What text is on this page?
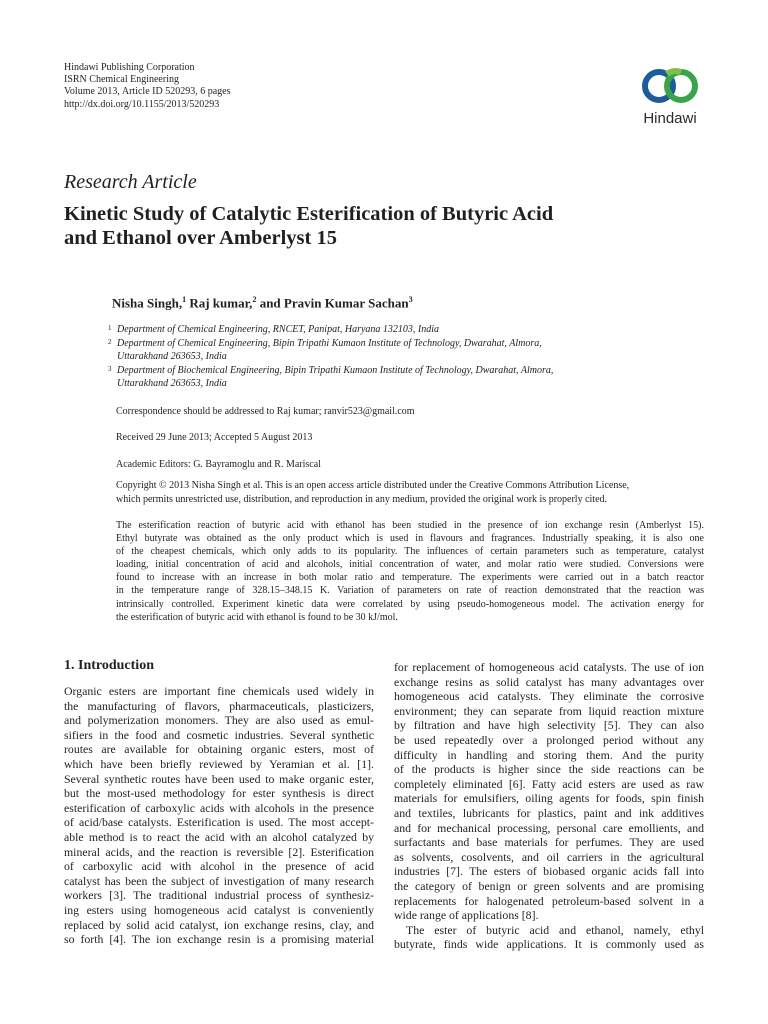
Hindawi Publishing Corporation
ISRN Chemical Engineering
Volume 2013, Article ID 520293, 6 pages
http://dx.doi.org/10.1155/2013/520293
Hindawi
Research Article
Kinetic Study of Catalytic Esterification of Butyric Acid
and Ethanol over Amberlyst 15
Nisha Singh,$^1$ Raj kumar,$^2$ and Pravin Kumar Sachan$^3$
1 Department of Chemical Engineering, RNCET, Panipat, Haryana 132103, India
2 Department of Chemical Engineering, Bipin Tripathi Kumaon Institute of Technology, Dwarahat, Almora,
Uttarakhand 263653, India
3 Department of Biochemical Engineering, Bipin Tripathi Kumaon Institute of Technology, Dwarahat, Almora,
Uttarakhand 263653, India
Correspondence should be addressed to Raj kumar; ranvir523@gmail.com
Received 29 June 2013; Accepted 5 August 2013
Academic Editors: G. Bayramoglu and R. Mariscal
Copyright © 2013 Nisha Singh et al. This is an open access article distributed under the Creative Commons Attribution License,
which permits unrestricted use, distribution, and reproduction in any medium, provided the original work is properly cited.
The esterification reaction of butyric acid with ethanol has been studied in the presence of ion exchange resin (Amberlyst 15).
Ethyl butyrate was obtained as the only product which is used in flavours and fragrances. Industrially speaking, it is also one
of the cheapest chemicals, which only adds to its popularity. The influences of certain parameters such as temperature, catalyst
loading, initial concentration of acid and alcohols, initial concentration of water, and molar ratio were studied. Conversions were
found to increase with an increase in both molar ratio and temperature. The experiments were carried out in a batch reactor
in the temperature range of 328.15–348.15 K. Variation of parameters on rate of reaction demonstrated that the reaction was
intrinsically controlled. Experiment kinetic data were correlated by using pseudo-homogeneous model. The activation energy for
the esterification of butyric acid with ethanol is found to be 30 kJ/mol.
1. Introduction
Organic esters are important fine chemicals used widely in
the manufacturing of flavors, pharmaceuticals, plasticizers,
and polymerization monomers. They are also used as emul-
sifiers in the food and cosmetic industries. Several synthetic
routes are available for obtaining organic esters, most of
which have been briefly reviewed by Yeramian et al. [1].
Several synthetic routes have been used to make organic ester,
but the most-used methodology for ester synthesis is direct
esterification of carboxylic acids with alcohols in the presence
of acid/base catalysts. Esterification is used. The most accept-
able method is to react the acid with an alcohol catalyzed by
mineral acids, and the reaction is reversible [2]. Esterification
of carboxylic acid with alcohol in the presence of acid
catalyst has been the subject of investigation of many research
workers [3]. The traditional industrial process of synthesiz-
ing esters using homogeneous acid catalyst is conveniently
replaced by solid acid catalyst, ion exchange resins, clay, and
so forth [4]. The ion exchange resin is a promising material
for replacement of homogeneous acid catalysts. The use of ion
exchange resins as solid catalyst has many advantages over
homogeneous acid catalysts. They eliminate the corrosive
environment; they can separate from liquid reaction mixture
by filtration and have high selectivity [5]. They can also
be used repeatedly over a prolonged period without any
difficulty in handling and storing them. And the purity
of the products is higher since the side reactions can be
completely eliminated [6]. Fatty acid esters are used as raw
materials for emulsifiers, oiling agents for foods, spin finish
and textiles, lubricants for plastics, paint and ink additives
and for mechanical processing, personal care emollients, and
surfactants and base materials for perfumes. They are used
as solvents, cosolvents, and oil carriers in the agricultural
industries [7]. The esters of biobased organic acids fall into
the category of benign or green solvents and are promising
replacements for halogenated petroleum-based solvent in a
wide range of applications [8].
The ester of butyric acid and ethanol, namely, ethyl
butyrate, finds wide applications. It is commonly used as
